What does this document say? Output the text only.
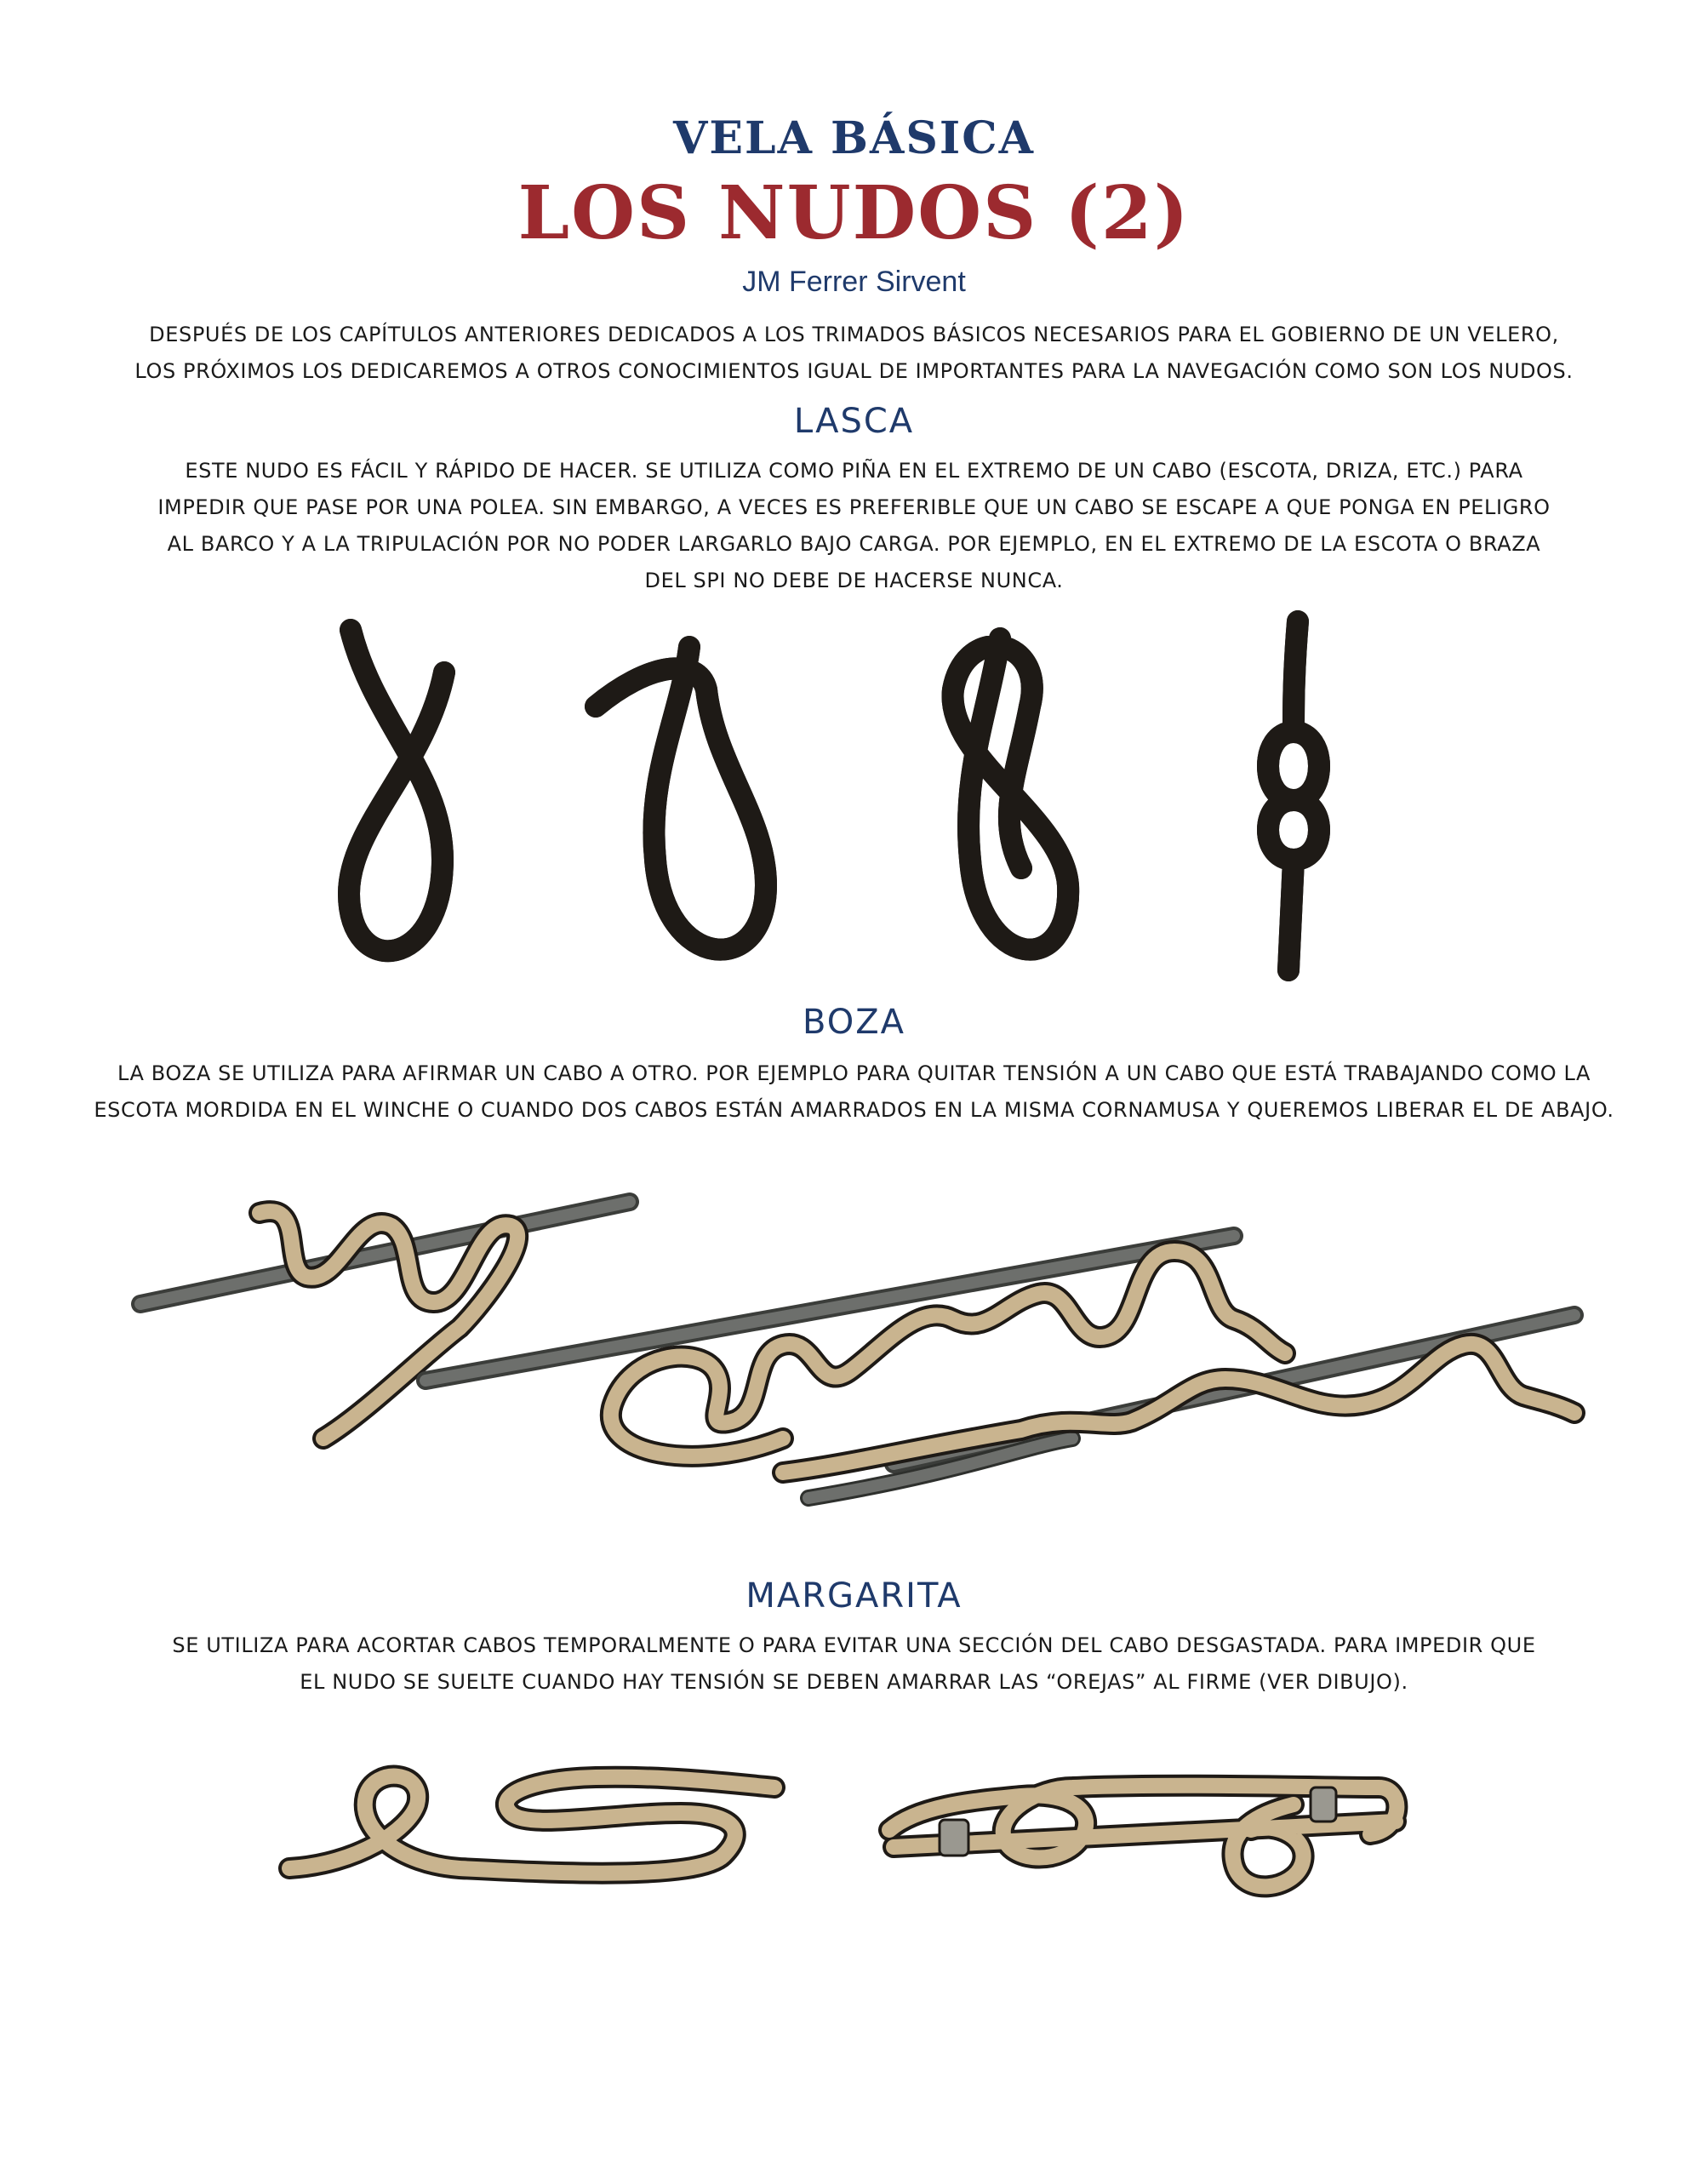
VELA BÁSICA
LOS NUDOS (2)
JM Ferrer Sirvent
DESPUÉS DE LOS CAPÍTULOS ANTERIORES DEDICADOS A LOS TRIMADOS BÁSICOS NECESARIOS PARA EL GOBIERNO DE UN VELERO,
LOS PRÓXIMOS LOS DEDICAREMOS A OTROS CONOCIMIENTOS IGUAL DE IMPORTANTES PARA LA NAVEGACIÓN COMO SON LOS NUDOS.
LASCA
ESTE NUDO ES FÁCIL Y RÁPIDO DE HACER. SE UTILIZA COMO PIÑA EN EL EXTREMO DE UN CABO (ESCOTA, DRIZA, ETC.) PARA
IMPEDIR QUE PASE POR UNA POLEA. SIN EMBARGO, A VECES ES PREFERIBLE QUE UN CABO SE ESCAPE A QUE PONGA EN PELIGRO
AL BARCO Y A LA TRIPULACIÓN POR NO PODER LARGARLO BAJO CARGA. POR EJEMPLO, EN EL EXTREMO DE LA ESCOTA O BRAZA
DEL SPI NO DEBE DE HACERSE NUNCA.
BOZA
LA BOZA SE UTILIZA PARA AFIRMAR UN CABO A OTRO. POR EJEMPLO PARA QUITAR TENSIÓN A UN CABO QUE ESTÁ TRABAJANDO COMO LA
ESCOTA MORDIDA EN EL WINCHE O CUANDO DOS CABOS ESTÁN AMARRADOS EN LA MISMA CORNAMUSA Y QUEREMOS LIBERAR EL DE ABAJO.
MARGARITA
SE UTILIZA PARA ACORTAR CABOS TEMPORALMENTE O PARA EVITAR UNA SECCIÓN DEL CABO DESGASTADA. PARA IMPEDIR QUE
EL NUDO SE SUELTE CUANDO HAY TENSIÓN SE DEBEN AMARRAR LAS “OREJAS” AL FIRME (VER DIBUJO).
